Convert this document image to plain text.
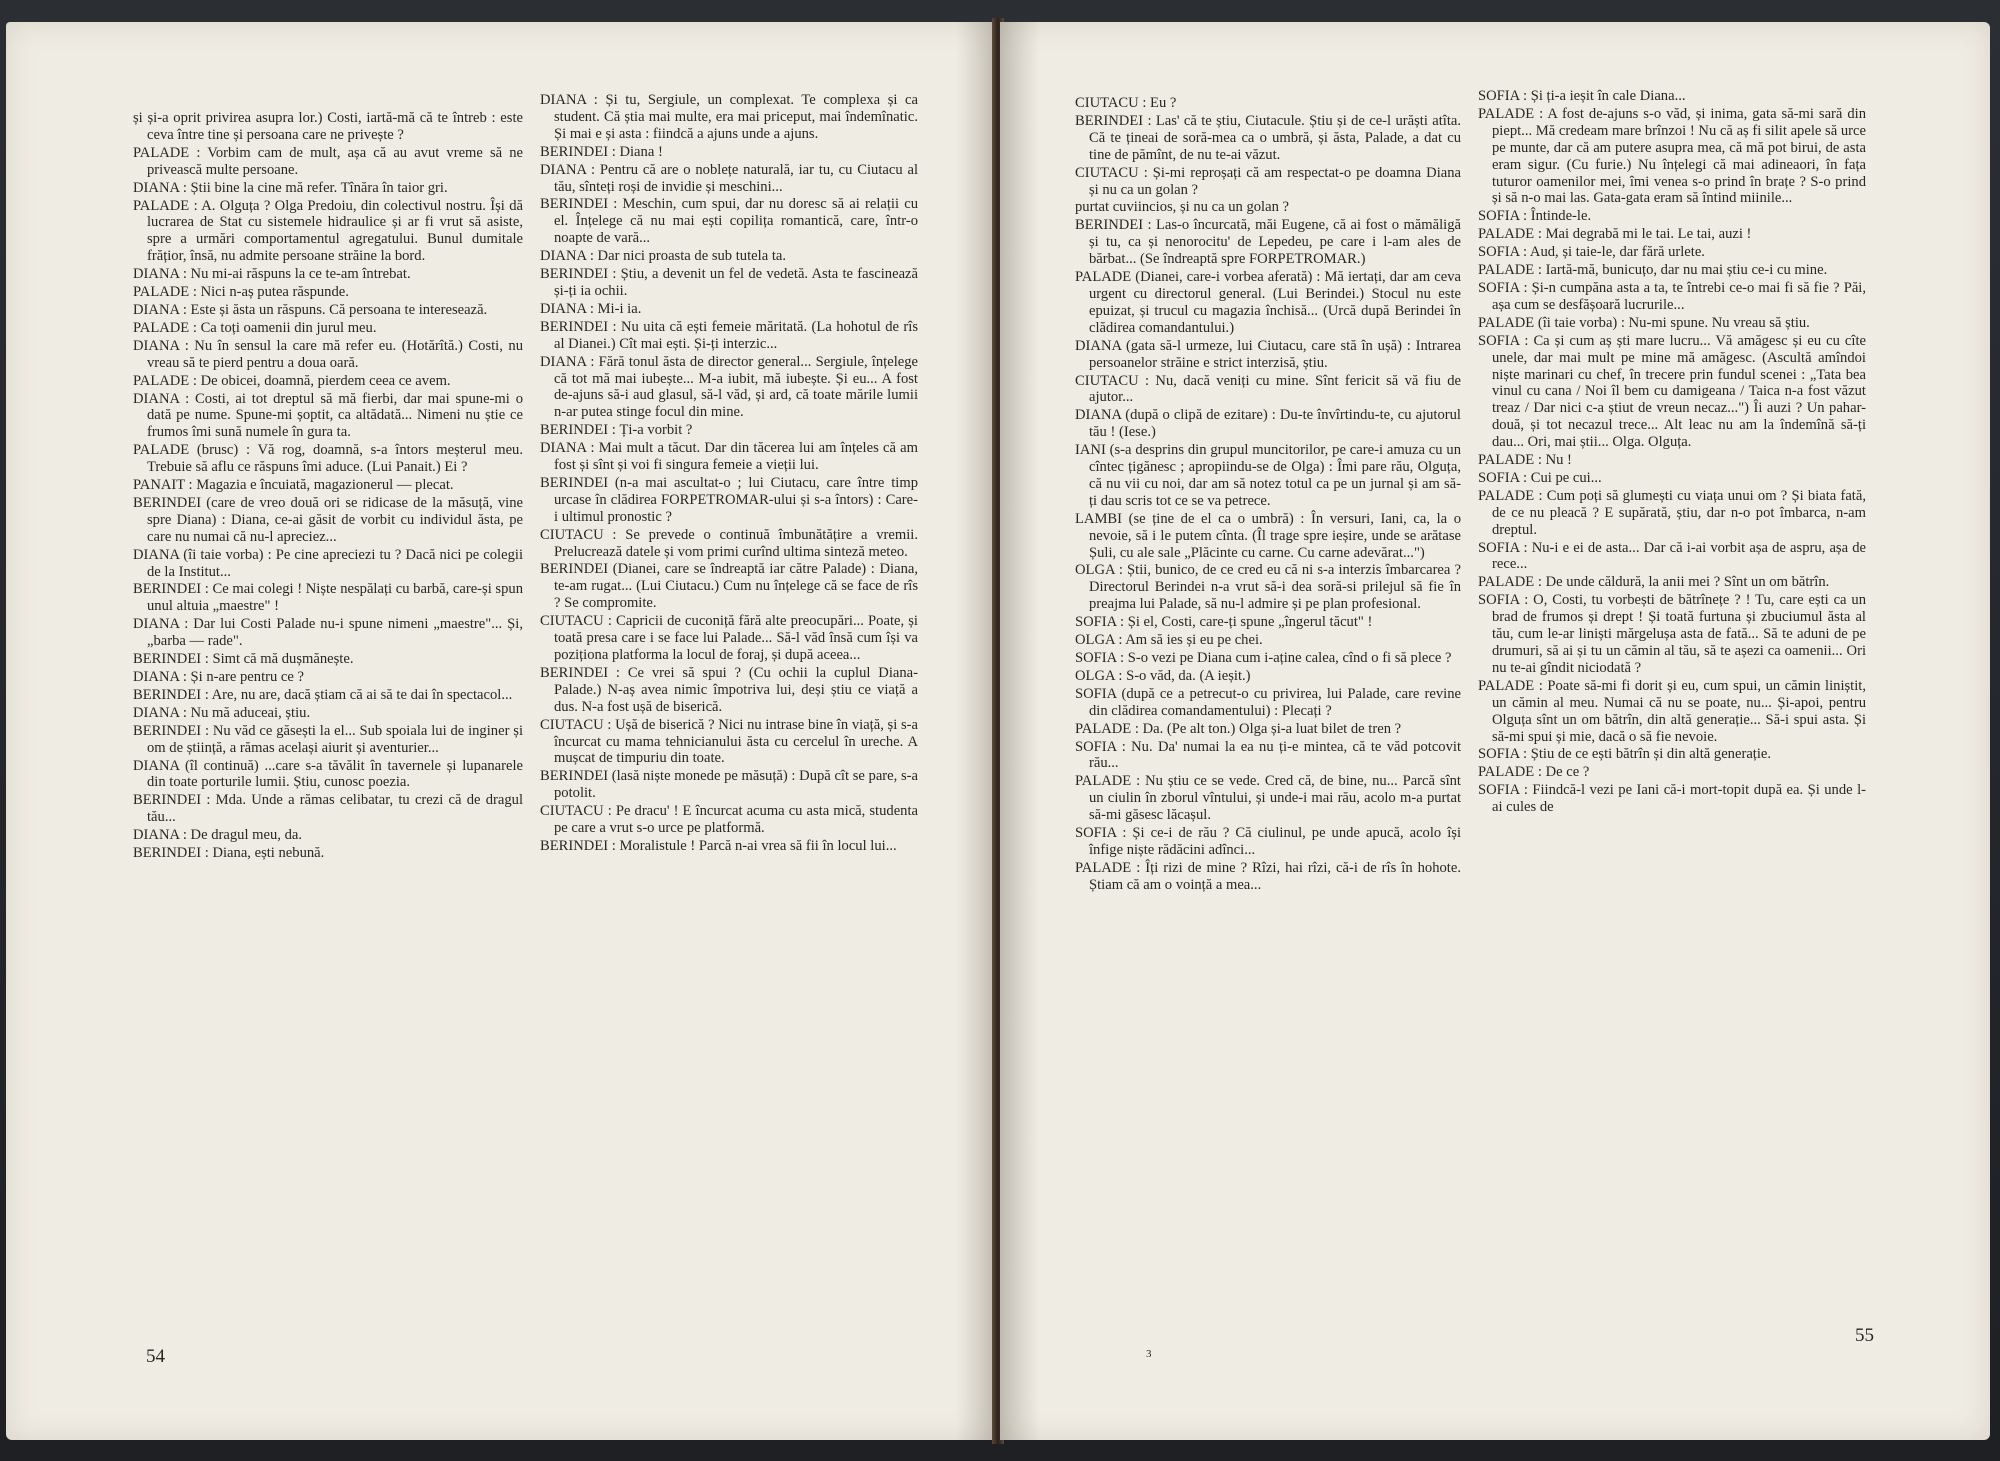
și și-a oprit privirea asupra lor.) Costi, iartă-mă că te întreb : este ceva între tine și persoana care ne privește ?

PALADE : Vorbim cam de mult, așa că au avut vreme să ne privească multe persoane.

DIANA : Știi bine la cine mă refer. Tînăra în taior gri.

PALADE : A. Olguța ? Olga Predoiu, din colectivul nostru. Își dă lucrarea de Stat cu sistemele hidraulice și ar fi vrut să asiste, spre a urmări comportamentul agregatului. Bunul dumitale frățior, însă, nu admite persoane străine la bord.

DIANA : Nu mi-ai răspuns la ce te-am întrebat.

PALADE : Nici n-aș putea răspunde.

DIANA : Este și ăsta un răspuns. Că persoana te interesează.

PALADE : Ca toți oamenii din jurul meu.

DIANA : Nu în sensul la care mă refer eu. (Hotărîtă.) Costi, nu vreau să te pierd pentru a doua oară.

PALADE : De obicei, doamnă, pierdem ceea ce avem.

DIANA : Costi, ai tot dreptul să mă fierbi, dar mai spune-mi o dată pe nume. Spune-mi șoptit, ca altădată... Nimeni nu știe ce frumos îmi sună numele în gura ta.

PALADE (brusc) : Vă rog, doamnă, s-a întors meșterul meu. Trebuie să aflu ce răspuns îmi aduce. (Lui Panait.) Ei ?

PANAIT : Magazia e încuiată, magazionerul — plecat.

BERINDEI (care de vreo două ori se ridicase de la măsuță, vine spre Diana) : Diana, ce-ai găsit de vorbit cu individul ăsta, pe care nu numai că nu-l apreciez...

DIANA (îi taie vorba) : Pe cine apreciezi tu ? Dacă nici pe colegii de la Institut...

BERINDEI : Ce mai colegi ! Niște nespălați cu barbă, care-și spun unul altuia „maestre" !

DIANA : Dar lui Costi Palade nu-i spune nimeni „maestre"... Și, „barba — rade".

BERINDEI : Simt că mă dușmănește.

DIANA : Și n-are pentru ce ?

BERINDEI : Are, nu are, dacă știam că ai să te dai în spectacol...

DIANA : Nu mă aduceai, știu.

BERINDEI : Nu văd ce găsești la el... Sub spoiala lui de inginer și om de știință, a rămas același aiurit și aventurier...

DIANA (îl continuă) ...care s-a tăvălit în tavernele și lupanarele din toate porturile lumii. Știu, cunosc poezia.

BERINDEI : Mda. Unde a rămas celibatar, tu crezi că de dragul tău...

DIANA : De dragul meu, da.

BERINDEI : Diana, ești nebună.

DIANA : Și tu, Sergiule, un complexat. Te complexa și ca student. Că știa mai multe, era mai priceput, mai îndemînatic. Și mai e și asta : fiindcă a ajuns unde a ajuns.

BERINDEI : Diana !

DIANA : Pentru că are o noblețe naturală, iar tu, cu Ciutacu al tău, sînteți roși de invidie și meschini...

BERINDEI : Meschin, cum spui, dar nu doresc să ai relații cu el. Înțelege că nu mai ești copilița romantică, care, într-o noapte de vară...

DIANA : Dar nici proasta de sub tutela ta.

BERINDEI : Știu, a devenit un fel de vedetă. Asta te fascinează și-ți ia ochii.

DIANA : Mi-i ia.

BERINDEI : Nu uita că ești femeie măritată. (La hohotul de rîs al Dianei.) Cît mai ești. Și-ți interzic...

DIANA : Fără tonul ăsta de director general... Sergiule, înțelege că tot mă mai iubește... M-a iubit, mă iubește. Și eu... A fost de-ajuns să-i aud glasul, să-l văd, și ard, că toate mările lumii n-ar putea stinge focul din mine.

BERINDEI : Ți-a vorbit ?

DIANA : Mai mult a tăcut. Dar din tăcerea lui am înțeles că am fost și sînt și voi fi singura femeie a vieții lui.

BERINDEI (n-a mai ascultat-o ; lui Ciutacu, care între timp urcase în clădirea FORPETROMAR-ului și s-a întors) : Care-i ultimul pronostic ?

CIUTACU : Se prevede o continuă îmbunătățire a vremii. Prelucrează datele și vom primi curînd ultima sinteză meteo.

BERINDEI (Dianei, care se îndreaptă iar către Palade) : Diana, te-am rugat... (Lui Ciutacu.) Cum nu înțelege că se face de rîs ? Se compromite.

CIUTACU : Capricii de cuconiță fără alte preocupări... Poate, și toată presa care i se face lui Palade... Să-l văd însă cum își va poziționa platforma la locul de foraj, și după aceea...

BERINDEI : Ce vrei să spui ? (Cu ochii la cuplul Diana-Palade.) N-aș avea nimic împotriva lui, deși știu ce viață a dus. N-a fost ușă de biserică.

CIUTACU : Ușă de biserică ? Nici nu intrase bine în viață, și s-a încurcat cu mama tehnicianului ăsta cu cercelul în ureche. A mușcat de timpuriu din toate.

BERINDEI (lasă niște monede pe măsuță) : După cît se pare, s-a potolit.

CIUTACU : Pe dracu' ! E încurcat acuma cu asta mică, studenta pe care a vrut s-o urce pe platformă.

BERINDEI : Moralistule ! Parcă n-ai vrea să fii în locul lui...

CIUTACU : Eu ?

BERINDEI : Las' că te știu, Ciutacule. Știu și de ce-l urăști atîta. Că te țineai de soră-mea ca o umbră, și ăsta, Palade, a dat cu tine de pămînt, de nu te-ai văzut.

CIUTACU : Și-mi reproșați că am respectat-o pe doamna Diana și nu ca un golan ?

purtat cuviincios, și nu ca un golan ?

BERINDEI : Las-o încurcată, măi Eugene, că ai fost o mămăligă și tu, ca și nenorocitu' de Lepedeu, pe care i l-am ales de bărbat... (Se îndreaptă spre FORPETROMAR.)

PALADE (Dianei, care-i vorbea aferată) : Mă iertați, dar am ceva urgent cu directorul general. (Lui Berindei.) Stocul nu este epuizat, și trucul cu magazia închisă... (Urcă după Berindei în clădirea comandantului.)

DIANA (gata să-l urmeze, lui Ciutacu, care stă în ușă) : Intrarea persoanelor străine e strict interzisă, știu.

CIUTACU : Nu, dacă veniți cu mine. Sînt fericit să vă fiu de ajutor...

DIANA (după o clipă de ezitare) : Du-te învîrtindu-te, cu ajutorul tău ! (Iese.)

IANI (s-a desprins din grupul muncitorilor, pe care-i amuza cu un cîntec țigănesc ; apropiindu-se de Olga) : Îmi pare rău, Olguța, că nu vii cu noi, dar am să notez totul ca pe un jurnal și am să-ți dau scris tot ce se va petrece.

LAMBI (se ține de el ca o umbră) : În versuri, Iani, ca, la o nevoie, să i le putem cînta. (Îl trage spre ieșire, unde se arătase Șuli, cu ale sale „Plăcinte cu carne. Cu carne adevărat...")

OLGA : Știi, bunico, de ce cred eu că ni s-a interzis îmbarcarea ? Directorul Berindei n-a vrut să-i dea soră-si prilejul să fie în preajma lui Palade, să nu-l admire și pe plan profesional.

SOFIA : Și el, Costi, care-ți spune „îngerul tăcut" !

OLGA : Am să ies și eu pe chei.

SOFIA : S-o vezi pe Diana cum i-aține calea, cînd o fi să plece ?

OLGA : S-o văd, da. (A ieșit.)

SOFIA (după ce a petrecut-o cu privirea, lui Palade, care revine din clădirea comandamentului) : Plecați ?

PALADE : Da. (Pe alt ton.) Olga și-a luat bilet de tren ?

SOFIA : Nu. Da' numai la ea nu ți-e mintea, că te văd potcovit rău...

PALADE : Nu știu ce se vede. Cred că, de bine, nu... Parcă sînt un ciulin în zborul vîntului, și unde-i mai rău, acolo m-a purtat să-mi găsesc lăcașul.

SOFIA : Și ce-i de rău ? Că ciulinul, pe unde apucă, acolo își înfige niște rădăcini adînci...

PALADE : Îți rizi de mine ? Rîzi, hai rîzi, că-i de rîs în hohote. Știam că am o voință a mea...

SOFIA : Și ți-a ieșit în cale Diana...

PALADE : A fost de-ajuns s-o văd, și inima, gata să-mi sară din piept... Mă credeam mare brînzoi ! Nu că aș fi silit apele să urce pe munte, dar că am putere asupra mea, că mă pot birui, de asta eram sigur. (Cu furie.) Nu înțelegi că mai adineaori, în fața tuturor oamenilor mei, îmi venea s-o prind în brațe ? S-o prind și să n-o mai las. Gata-gata eram să întind miinile...

SOFIA : Întinde-le.

PALADE : Mai degrabă mi le tai. Le tai, auzi !

SOFIA : Aud, și taie-le, dar fără urlete.

PALADE : Iartă-mă, bunicuțo, dar nu mai știu ce-i cu mine.

SOFIA : Și-n cumpăna asta a ta, te întrebi ce-o mai fi să fie ? Păi, așa cum se desfășoară lucrurile...

PALADE (îi taie vorba) : Nu-mi spune. Nu vreau să știu.

SOFIA : Ca și cum aș ști mare lucru... Vă amăgesc și eu cu cîte unele, dar mai mult pe mine mă amăgesc. (Ascultă amîndoi niște marinari cu chef, în trecere prin fundul scenei : „Tata bea vinul cu cana / Noi îl bem cu damigeana / Taica n-a fost văzut treaz / Dar nici c-a știut de vreun necaz...") Îi auzi ? Un pahar-două, și tot necazul trece... Alt leac nu am la îndemînă să-ți dau... Ori, mai știi... Olga. Olguța.

PALADE : Nu !

SOFIA : Cui pe cui...

PALADE : Cum poți să glumești cu viața unui om ? Și biata fată, de ce nu pleacă ? E supărată, știu, dar n-o pot îmbarca, n-am dreptul.

SOFIA : Nu-i e ei de asta... Dar că i-ai vorbit așa de aspru, așa de rece...

PALADE : De unde căldură, la anii mei ? Sînt un om bătrîn.

SOFIA : O, Costi, tu vorbești de bătrînețe ? ! Tu, care ești ca un brad de frumos și drept ! Și toată furtuna și zbuciumul ăsta al tău, cum le-ar liniști mărgelușa asta de fată... Să te aduni de pe drumuri, să ai și tu un cămin al tău, să te așezi ca oamenii... Ori nu te-ai gîndit niciodată ?

PALADE : Poate să-mi fi dorit și eu, cum spui, un cămin liniștit, un cămin al meu. Numai că nu se poate, nu... Și-apoi, pentru Olguța sînt un om bătrîn, din altă generație... Să-i spui asta. Și să-mi spui și mie, dacă o să fie nevoie.

SOFIA : Știu de ce ești bătrîn și din altă generație.

PALADE : De ce ?

SOFIA : Fiindcă-l vezi pe Iani că-i mort-topit după ea. Și unde l-ai cules de

54	3
55
